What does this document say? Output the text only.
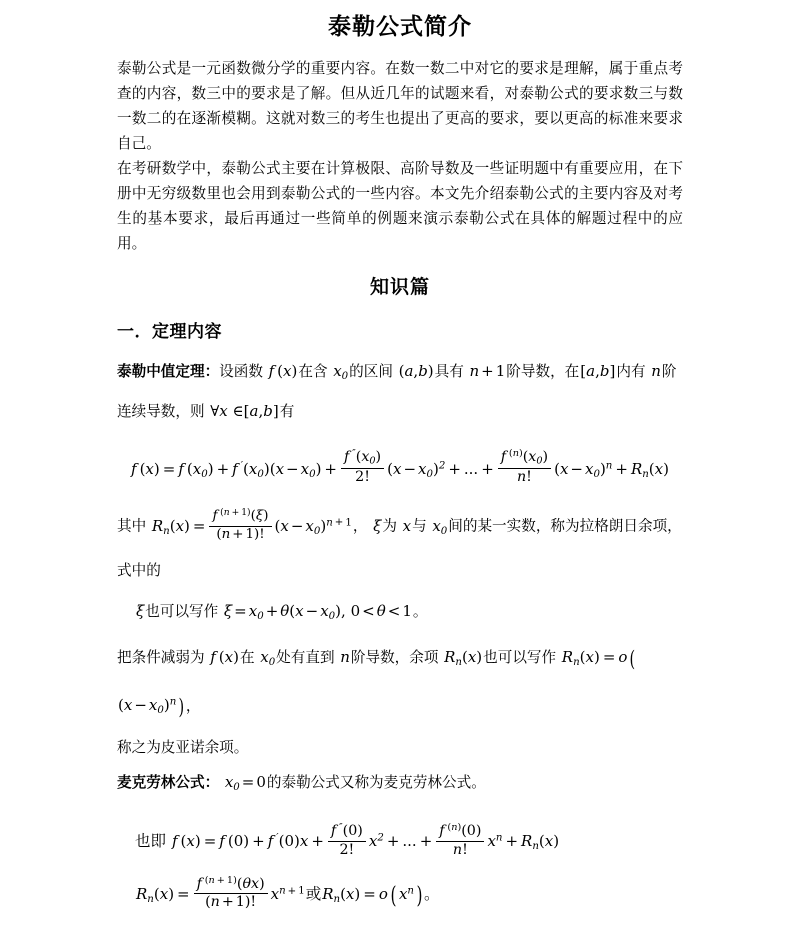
泰勒公式简介

泰勒公式是一元函数微分学的重要内容。在数一数二中对它的要求是理解，属于重点考查的内容，数三中的要求是了解。但从近几年的试题来看，对泰勒公式的要求数三与数一数二的在逐渐模糊。这就对数三的考生也提出了更高的要求，要以更高的标准来要求自己。

在考研数学中，泰勒公式主要在计算极限、高阶导数及一些证明题中有重要应用，在下册中无穷级数里也会用到泰勒公式的一些内容。本文先介绍泰勒公式的主要内容及对考生的基本要求，最后再通过一些简单的例题来演示泰勒公式在具体的解题过程中的应用。

知识篇
一．定理内容

泰勒中值定理：设函数 f  (x)在含 $x_0$的区间 (a,b)具有 n + 1阶导数，在[a,b]内有 n阶连续导数，则 ∀x ∈[a,b]有

f  (x) = f  $(x_0) + f$  $'(x_0)(x - x_0) + \frac{f ''(x_0)}{2!} (x - x_0)^2$ + ... + $\frac{f ^{(n)}(x_0)}{n!} (x - x_0)^n + R_n(x)$

其中 $R_n(x) = \frac{f ^{(n + 1)}(\xi)}{(n + 1)!} (x - x_0)^{n + 1}$， ξ为 x与 $x_0$间的某一实数，称为拉格朗日余项，式中的

ξ也可以写作 $\xi = x_0 + \theta(x - x_0)$, 0 < θ < 1。

把条件减弱为 f  (x)在 $x_0$处有直到 n阶导数，余项 $R_n(x)$也可以写作 $R_n(x) = o$ ($(x - x_0)^n$ )，

称之为皮亚诺余项。

麦克劳林公式： $x_0 = 0$的泰勒公式又称为麦克劳林公式。

也即 f  (x) = f  (0) + f  $'(0)x + \frac{f ''(0)}{2!} x^2$ + ... + $\frac{f ^{(n)}(0)}{n!} x^n + R_n(x)$
$R_n(x) = \frac{f ^{(n + 1)}(\theta x)}{(n + 1)!} x^{n + 1}$或$R_n(x) = o$ ( $x^n$ )。
